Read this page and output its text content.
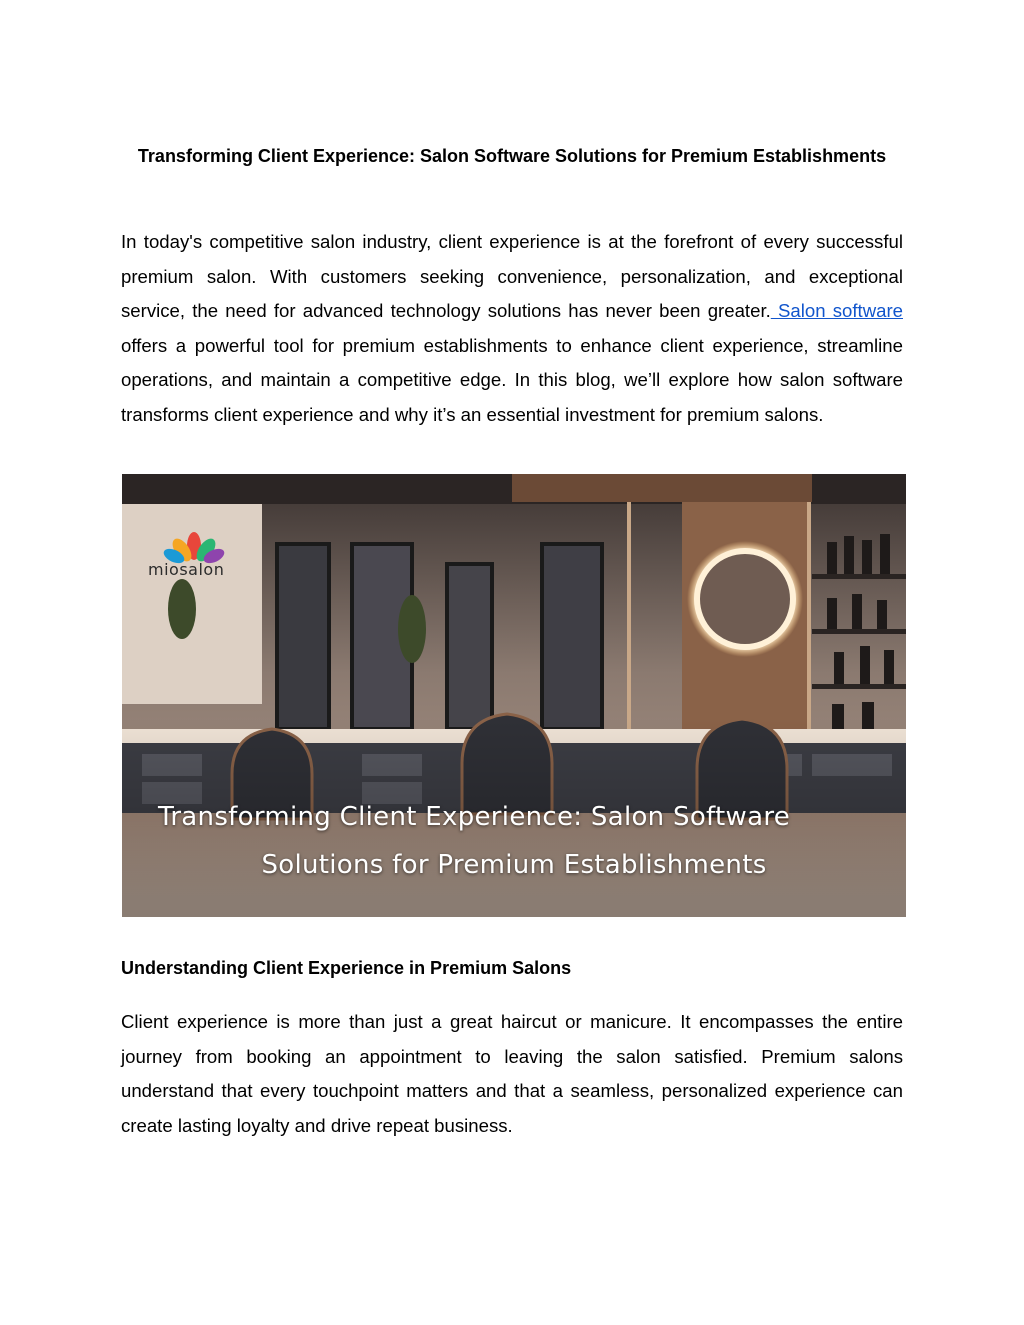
Transforming Client Experience: Salon Software Solutions for Premium Establishments
In today's competitive salon industry, client experience is at the forefront of every successful premium salon. With customers seeking convenience, personalization, and exceptional service, the need for advanced technology solutions has never been greater. Salon software offers a powerful tool for premium establishments to enhance client experience, streamline operations, and maintain a competitive edge. In this blog, we’ll explore how salon software transforms client experience and why it’s an essential investment for premium salons.
miosalon
Transforming Client Experience: Salon Software
Solutions for Premium Establishments
Understanding Client Experience in Premium Salons
Client experience is more than just a great haircut or manicure. It encompasses the entire journey from booking an appointment to leaving the salon satisfied. Premium salons understand that every touchpoint matters and that a seamless, personalized experience can create lasting loyalty and drive repeat business.
